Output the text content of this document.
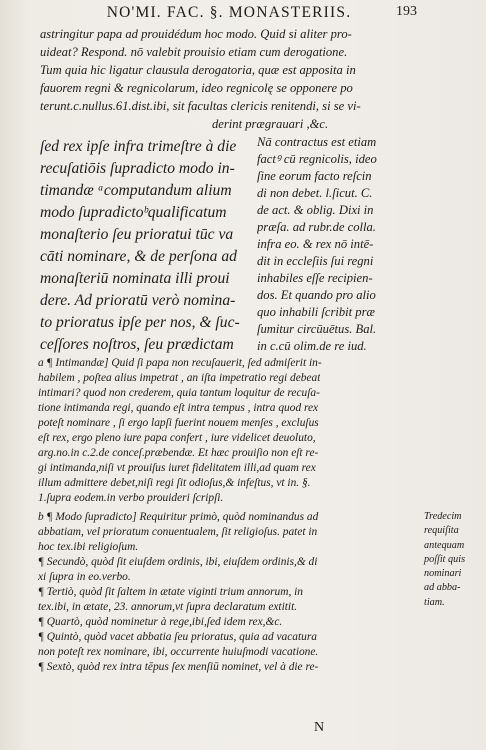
NO'MI. FAC. §. MONASTERIIS.	193
astringitur papa ad prouidédum hoc modo. Quid si aliter pro-
uideat? Respond. nō valebit prouisio etiam cum derogatione.
Tum quia hic ligatur clausula derogatoria, quæ est apposita in
fauorem regni & regnicolarum, ideo regnicolę se opponere po
terunt.c.nullus.61.dist.ibi, sit facultas clericis renitendi, si se vi-
derint prægrauari ,&c.
ſed rex ipſe infra trimeſtre à die
recuſatiōis ſupradicto modo in-
timandæ ᵃcomputandum alium
modo ſupradictoᵇqualificatum
monaſterio ſeu prioratui tūc va
cāti nominare, & de perſona ad
monaſteriū nominata illi proui
dere. Ad prioratū verò nomina-
to prioratus ipſe per nos, & ſuc-
ceſſores noſtros, ſeu prædictam
Nā contractus est etiam
factꝰ cū regnicolis, ideo
ſine eorum facto reſcin
di non debet. l.ſicut. C.
de act. & oblig. Dixi in
præſa. ad rubr.de colla.
infra eo. & rex nō intē-
dit in eccleſiis ſui regni
inhabiles eſſe recipien-
dos. Et quando pro alio
quo inhabili ſcribit præ
ſumitur circūuētus. Bal.
in c.cū olim.de re iud.
a ¶ Intimandæ] Quid ſi papa non recuſauerit, ſed admiſerit in-
habilem , poſtea alius impetrat , an iſta impetratio regi debeat
intimari? quod non crederem, quia tantum loquitur de recuſa-
tione intimanda regi, quando eſt intra tempus , intra quod rex
poteſt nominare , ſi ergo lapſi fuerint nouem menſes , excluſus
eſt rex, ergo pleno iure papa confert , iure videlicet deuoluto,
arg.no.in c.2.de conceſ.præbendæ. Et hæc prouiſio non eſt re-
gi intimanda,niſi vt prouiſus iuret fidelitatem illi,ad quam rex
illum admittere debet,niſi regi ſit odioſus,& infeſtus, vt in. §.
1.ſupra eodem.in verbo prouideri ſcripſi.
b ¶ Modo ſupradicto] Requiritur primò, quòd nominandus ad
abbatiam, vel prioratum conuentualem, ſit religioſus. patet in
hoc tex.ibi religioſum.
¶ Secundò, quòd ſit eiuſdem ordinis, ibi, eiuſdem ordinis,& di
xi ſupra in eo.verbo.
¶ Tertiò, quòd ſit ſaltem in ætate viginti trium annorum, in
tex.ibi, in ætate, 23. annorum,vt ſupra declaratum extitit.
¶ Quartò, quòd nominetur à rege,ibi,ſed idem rex,&c.
¶ Quintò, quòd vacet abbatia ſeu prioratus, quia ad vacatura
non poteſt rex nominare, ibi, occurrente huiuſmodi vacatione.
¶ Sextò, quòd rex intra tēpus ſex menſiū nominet, vel à die re-
Tredecim
requiſita
antequam
poſſit quis
nominari
ad abba-
tiam.
N
